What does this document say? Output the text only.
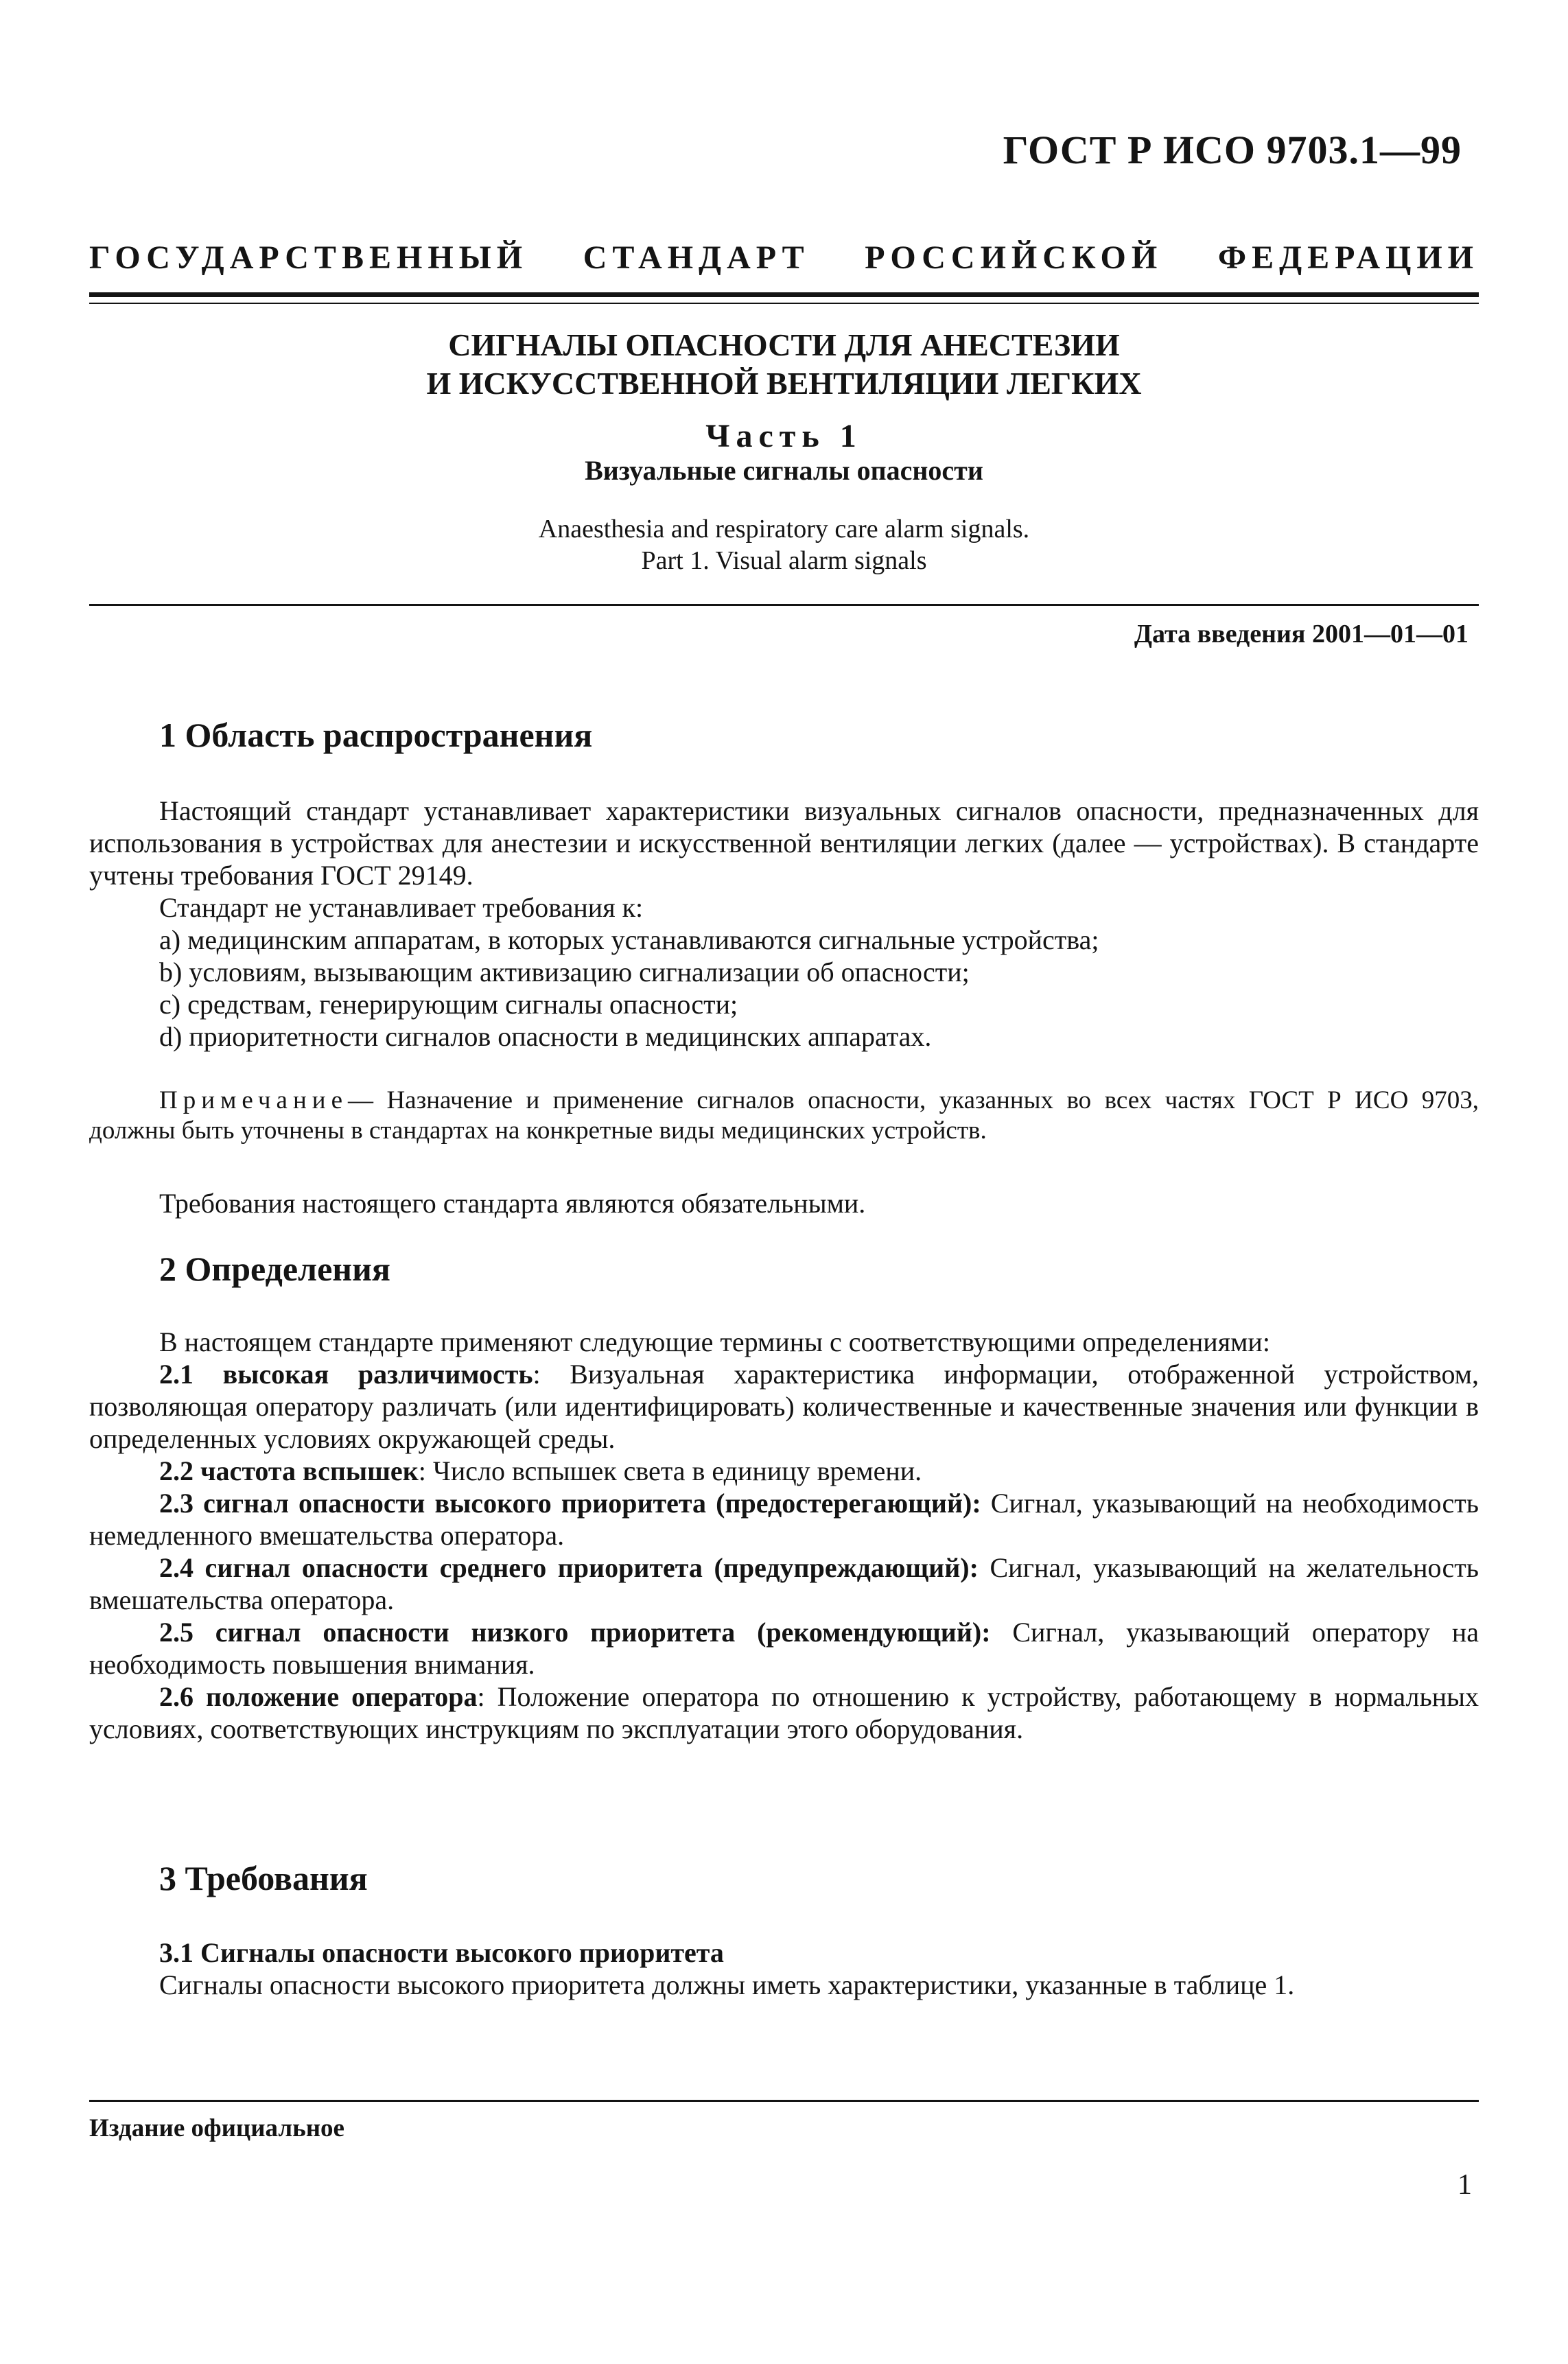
ГОСТ Р ИСО 9703.1—99
ГОСУДАРСТВЕННЫЙ СТАНДАРТ РОССИЙСКОЙ ФЕДЕРАЦИИ
СИГНАЛЫ ОПАСНОСТИ ДЛЯ АНЕСТЕЗИИ
И ИСКУССТВЕННОЙ ВЕНТИЛЯЦИИ ЛЕГКИХ
Часть 1
Визуальные сигналы опасности
Anaesthesia and respiratory care alarm signals.
Part 1. Visual alarm signals
Дата введения 2001—01—01
1 Область распространения

Настоящий стандарт устанавливает характеристики визуальных сигналов опасности, предназначенных для использования в устройствах для анестезии и искусственной вентиляции легких (далее — устройствах). В стандарте учтены требования ГОСТ 29149.

Стандарт не устанавливает требования к:

а) медицинским аппаратам, в которых устанавливаются сигнальные устройства;

b) условиям, вызывающим активизацию сигнализации об опасности;

c) средствам, генерирующим сигналы опасности;

d) приоритетности сигналов опасности в медицинских аппаратах.

Примечание— Назначение и применение сигналов опасности, указанных во всех частях ГОСТ Р ИСО 9703, должны быть уточнены в стандартах на конкретные виды медицинских устройств.

Требования настоящего стандарта являются обязательными.

2 Определения

В настоящем стандарте применяют следующие термины с соответствующими определениями:

2.1 высокая различимость: Визуальная характеристика информации, отображенной устройством, позволяющая оператору различать (или идентифицировать) количественные и качественные значения или функции в определенных условиях окружающей среды.

2.2 частота вспышек: Число вспышек света в единицу времени.

2.3 сигнал опасности высокого приоритета (предостерегающий): Сигнал, указывающий на необходимость немедленного вмешательства оператора.

2.4 сигнал опасности среднего приоритета (предупреждающий): Сигнал, указывающий на желательность вмешательства оператора.

2.5 сигнал опасности низкого приоритета (рекомендующий): Сигнал, указывающий оператору на необходимость повышения внимания.

2.6 положение оператора: Положение оператора по отношению к устройству, работающему в нормальных условиях, соответствующих инструкциям по эксплуатации этого оборудования.

3 Требования

3.1 Сигналы опасности высокого приоритета

Сигналы опасности высокого приоритета должны иметь характеристики, указанные в таблице 1.

Издание официальное
1
